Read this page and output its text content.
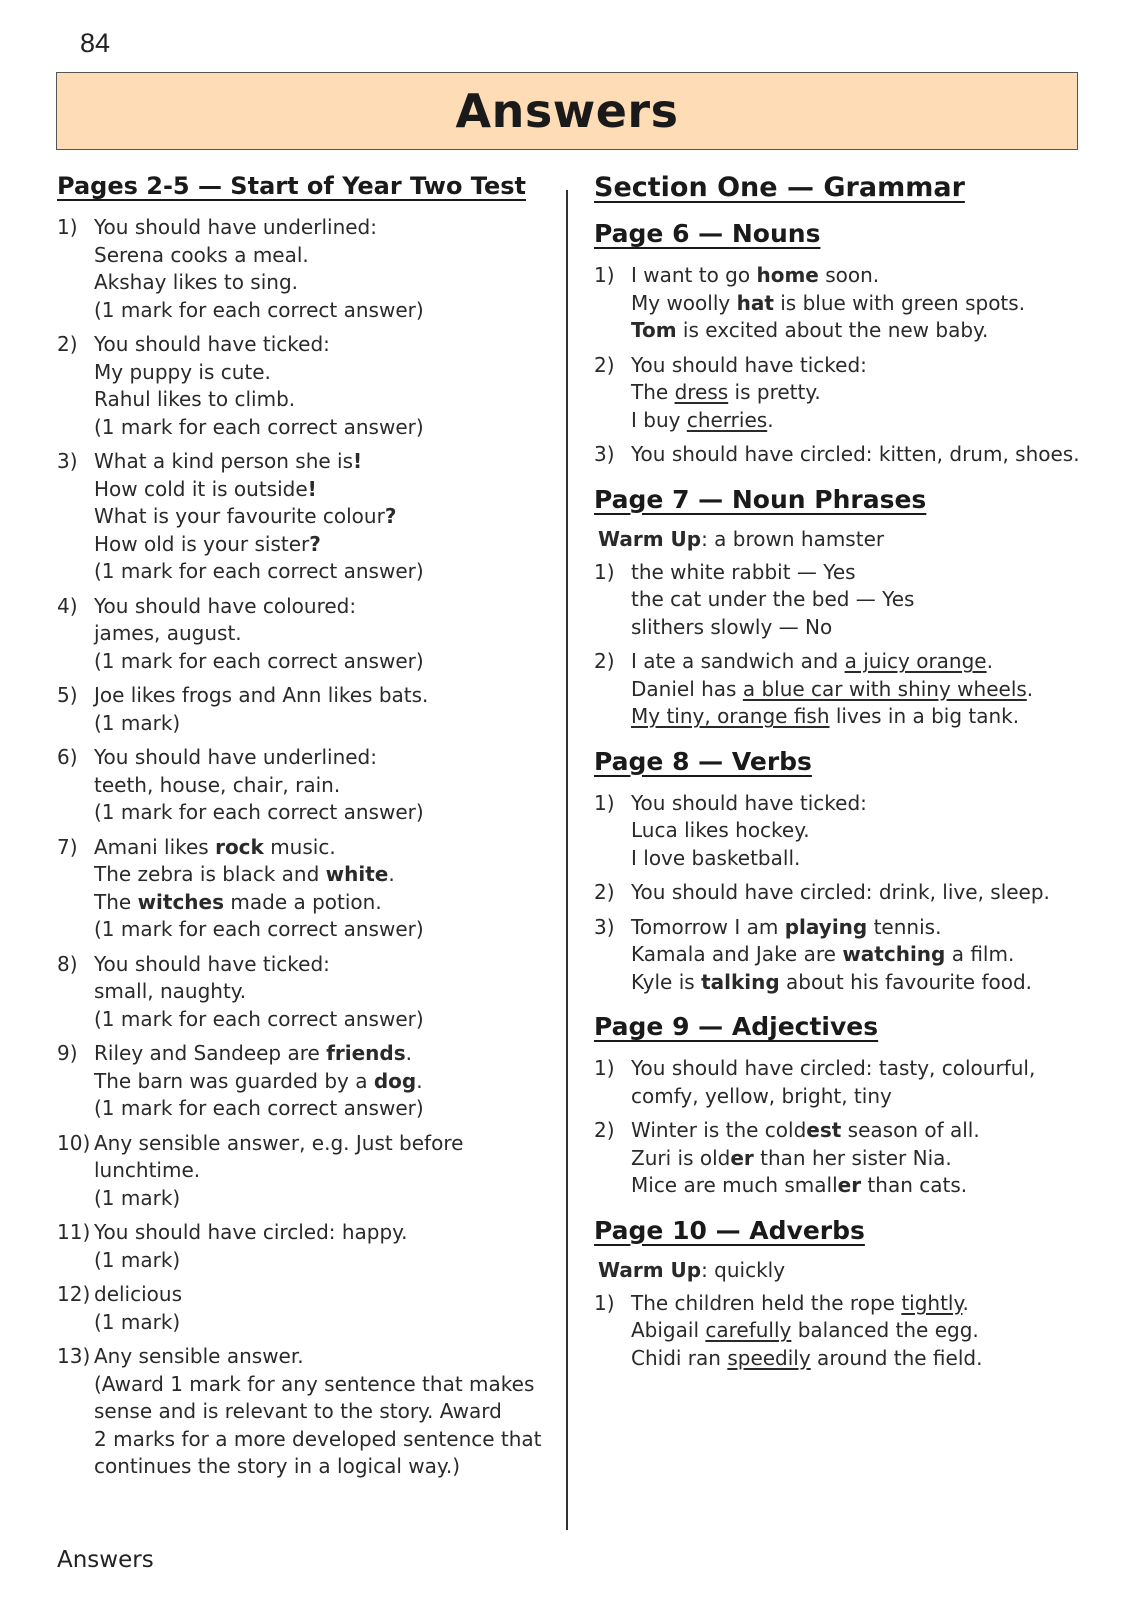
84
Answers
Pages 2-5 — Start of Year Two Test
1) You should have underlined:
Serena cooks a meal.
Akshay likes to sing.
(1 mark for each correct answer)
2) You should have ticked:
My puppy is cute.
Rahul likes to climb.
(1 mark for each correct answer)
3) What a kind person she is!
How cold it is outside!
What is your favourite colour?
How old is your sister?
(1 mark for each correct answer)
4) You should have coloured:
james, august.
(1 mark for each correct answer)
5) Joe likes frogs and Ann likes bats.
(1 mark)
6) You should have underlined:
teeth, house, chair, rain.
(1 mark for each correct answer)
7) Amani likes rock music.
The zebra is black and white.
The witches made a potion.
(1 mark for each correct answer)
8) You should have ticked:
small, naughty.
(1 mark for each correct answer)
9) Riley and Sandeep are friends.
The barn was guarded by a dog.
(1 mark for each correct answer)
10) Any sensible answer, e.g. Just before lunchtime.
(1 mark)
11) You should have circled: happy.
(1 mark)
12) delicious
(1 mark)
13) Any sensible answer.
(Award 1 mark for any sentence that makes
sense and is relevant to the story. Award
2 marks for a more developed sentence that
continues the story in a logical way.)
Section One — Grammar
Page 6 — Nouns
1) I want to go home soon.
My woolly hat is blue with green spots.
Tom is excited about the new baby.
2) You should have ticked:
The dress is pretty.
I buy cherries.
3) You should have circled: kitten, drum, shoes.
Page 7 — Noun Phrases
Warm Up: a brown hamster
1) the white rabbit — Yes
the cat under the bed — Yes
slithers slowly — No
2) I ate a sandwich and a juicy orange.
Daniel has a blue car with shiny wheels.
My tiny, orange fish lives in a big tank.
Page 8 — Verbs
1) You should have ticked:
Luca likes hockey.
I love basketball.
2) You should have circled: drink, live, sleep.
3) Tomorrow I am playing tennis.
Kamala and Jake are watching a film.
Kyle is talking about his favourite food.
Page 9 — Adjectives
1) You should have circled: tasty, colourful,
comfy, yellow, bright, tiny
2) Winter is the coldest season of all.
Zuri is older than her sister Nia.
Mice are much smaller than cats.
Page 10 — Adverbs
Warm Up: quickly
1) The children held the rope tightly.
Abigail carefully balanced the egg.
Chidi ran speedily around the field.
Answers
